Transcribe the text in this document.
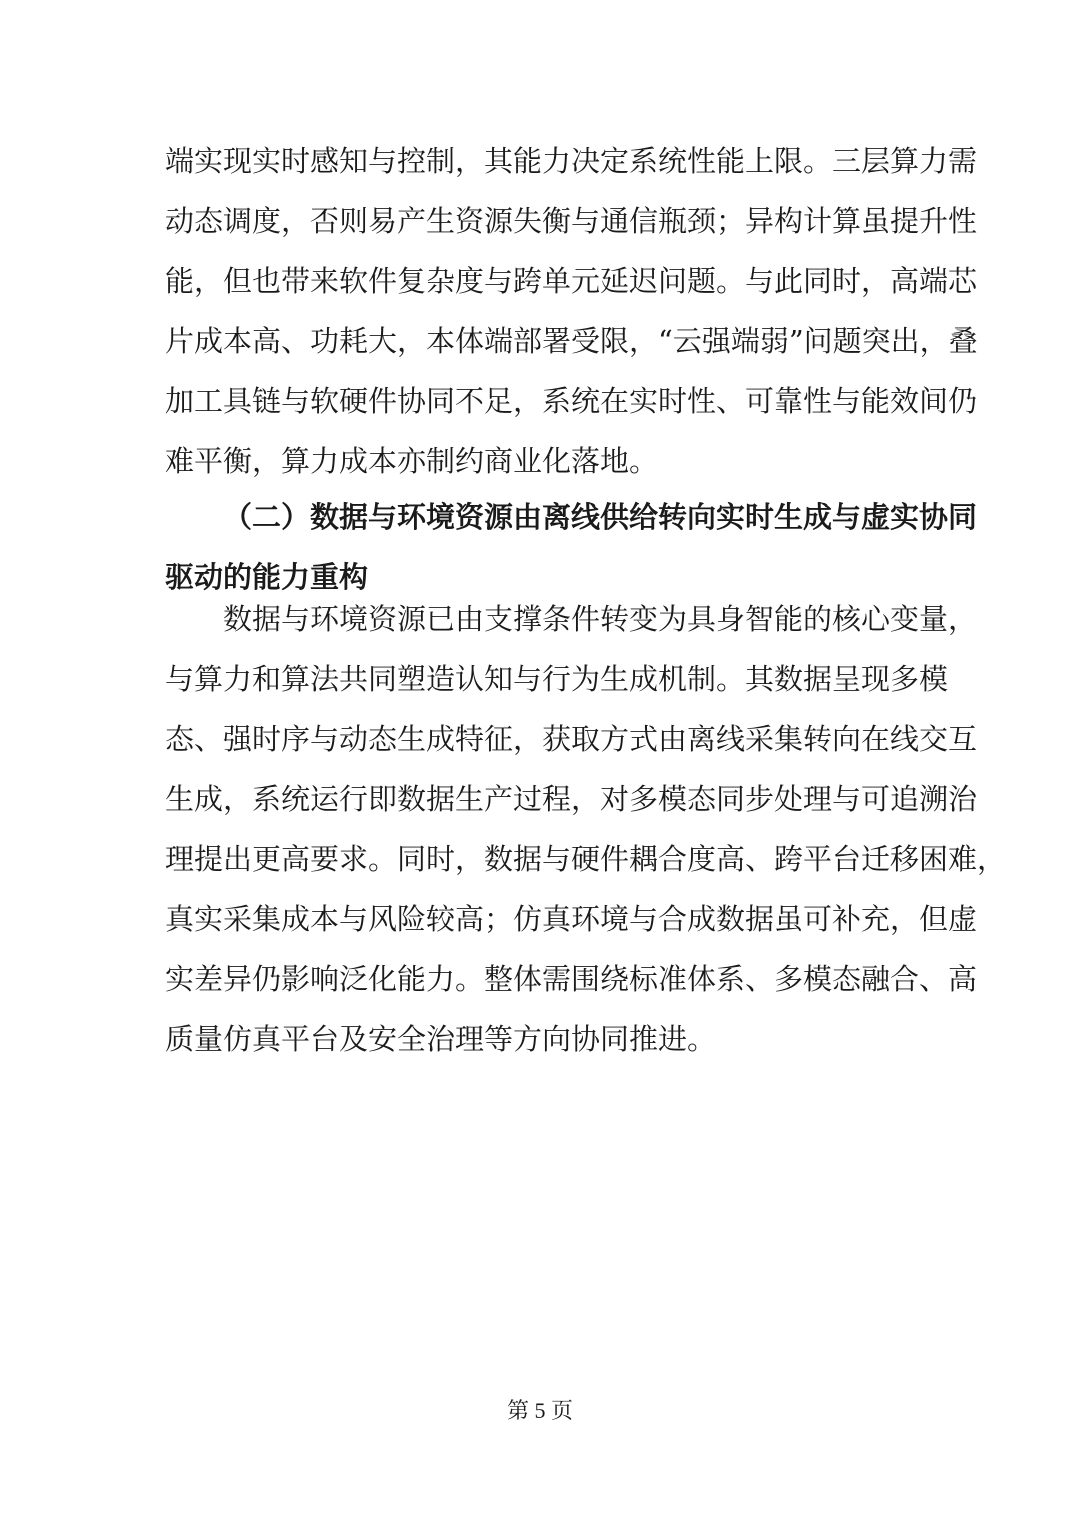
端实现实时感知与控制，其能力决定系统性能上限。三层算力需
动态调度，否则易产生资源失衡与通信瓶颈；异构计算虽提升性
能，但也带来软件复杂度与跨单元延迟问题。与此同时，高端芯
片成本高、功耗大，本体端部署受限，“云强端弱”问题突出，叠
加工具链与软硬件协同不足，系统在实时性、可靠性与能效间仍
难平衡，算力成本亦制约商业化落地。
（二）数据与环境资源由离线供给转向实时生成与虚实协同
驱动的能力重构
数据与环境资源已由支撑条件转变为具身智能的核心变量，
与算力和算法共同塑造认知与行为生成机制。其数据呈现多模
态、强时序与动态生成特征，获取方式由离线采集转向在线交互
生成，系统运行即数据生产过程，对多模态同步处理与可追溯治
理提出更高要求。同时，数据与硬件耦合度高、跨平台迁移困难，
真实采集成本与风险较高；仿真环境与合成数据虽可补充，但虚
实差异仍影响泛化能力。整体需围绕标准体系、多模态融合、高
质量仿真平台及安全治理等方向协同推进。
第 5 页
